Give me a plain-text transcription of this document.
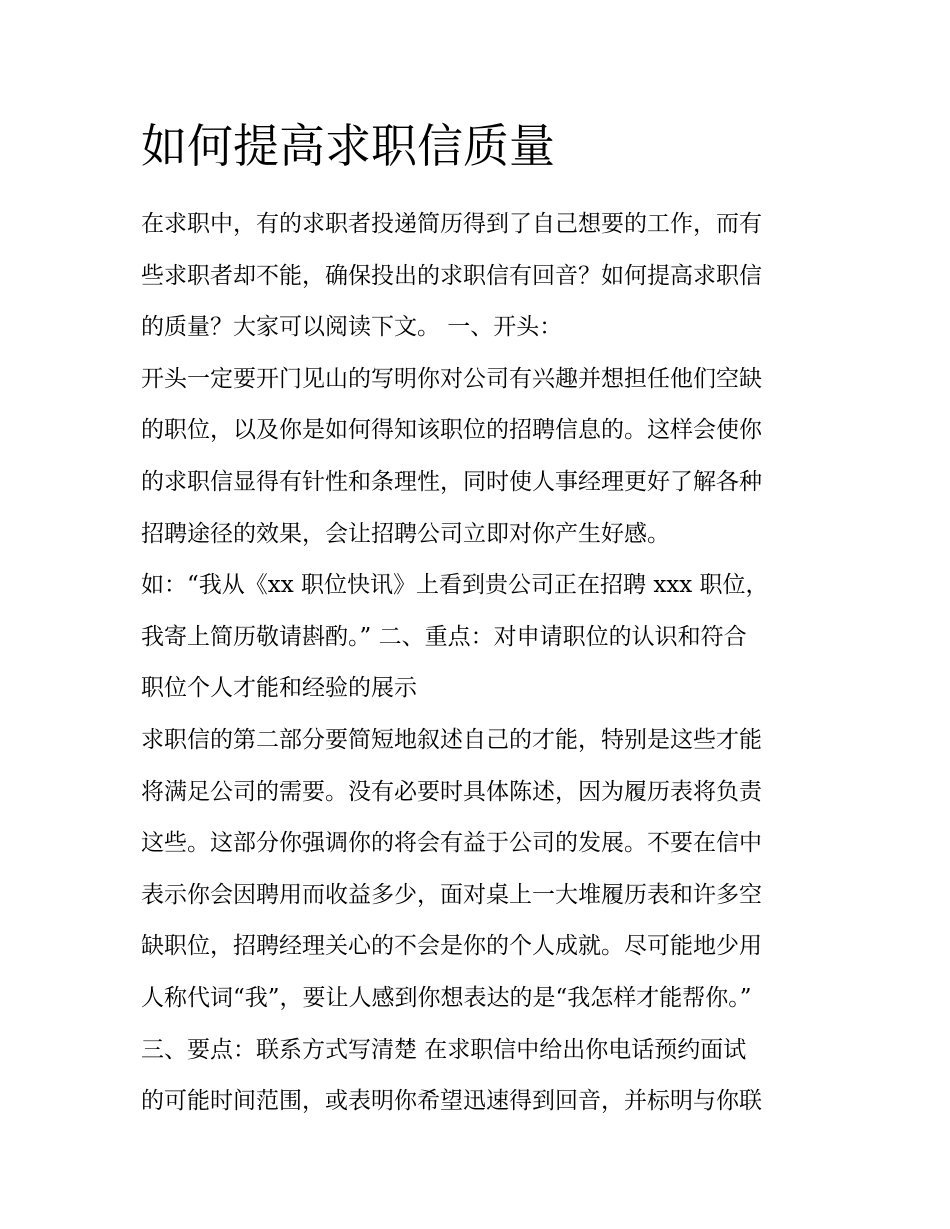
如何提高求职信质量
在求职中，有的求职者投递简历得到了自己想要的工作，而有
些求职者却不能，确保投出的求职信有回音？如何提高求职信
的质量？大家可以阅读下文。 一、开头：
开头一定要开门见山的写明你对公司有兴趣并想担任他们空缺
的职位，以及你是如何得知该职位的招聘信息的。这样会使你
的求职信显得有针性和条理性，同时使人事经理更好了解各种
招聘途径的效果，会让招聘公司立即对你产生好感。
如：“我从《xx 职位快讯》上看到贵公司正在招聘 xxx 职位，
我寄上简历敬请斟酌。” 二、重点：对申请职位的认识和符合
职位个人才能和经验的展示
求职信的第二部分要简短地叙述自己的才能，特别是这些才能
将满足公司的需要。没有必要时具体陈述，因为履历表将负责
这些。这部分你强调你的将会有益于公司的发展。不要在信中
表示你会因聘用而收益多少，面对桌上一大堆履历表和许多空
缺职位，招聘经理关心的不会是你的个人成就。尽可能地少用
人称代词“我”，要让人感到你想表达的是“我怎样才能帮你。”
三、要点：联系方式写清楚 在求职信中给出你电话预约面试
的可能时间范围，或表明你希望迅速得到回音，并标明与你联
